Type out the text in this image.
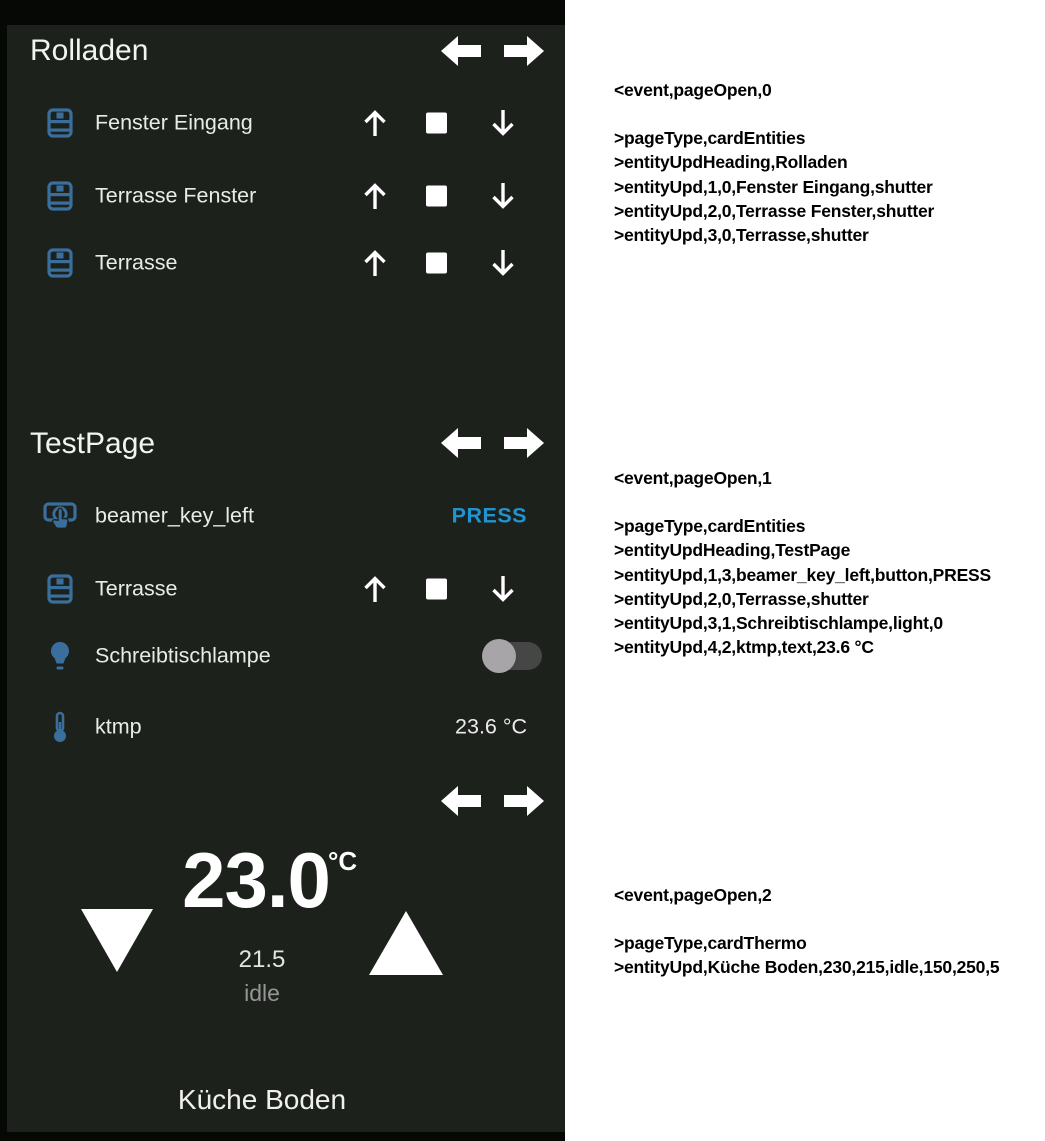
Rolladen
Fenster Eingang
Terrasse Fenster
Terrasse
TestPage
beamer_key_left	PRESS
Terrasse
Schreibtischlampe
ktmp	23.6 °C
23.0
°C
21.5
idle
Küche Boden
<event,pageOpen,0
>pageType,cardEntities
>entityUpdHeading,Rolladen
>entityUpd,1,0,Fenster Eingang,shutter
>entityUpd,2,0,Terrasse Fenster,shutter
>entityUpd,3,0,Terrasse,shutter
<event,pageOpen,1
>pageType,cardEntities
>entityUpdHeading,TestPage
>entityUpd,1,3,beamer_key_left,button,PRESS
>entityUpd,2,0,Terrasse,shutter
>entityUpd,3,1,Schreibtischlampe,light,0
>entityUpd,4,2,ktmp,text,23.6 °C
<event,pageOpen,2
>pageType,cardThermo
>entityUpd,Küche Boden,230,215,idle,150,250,5
